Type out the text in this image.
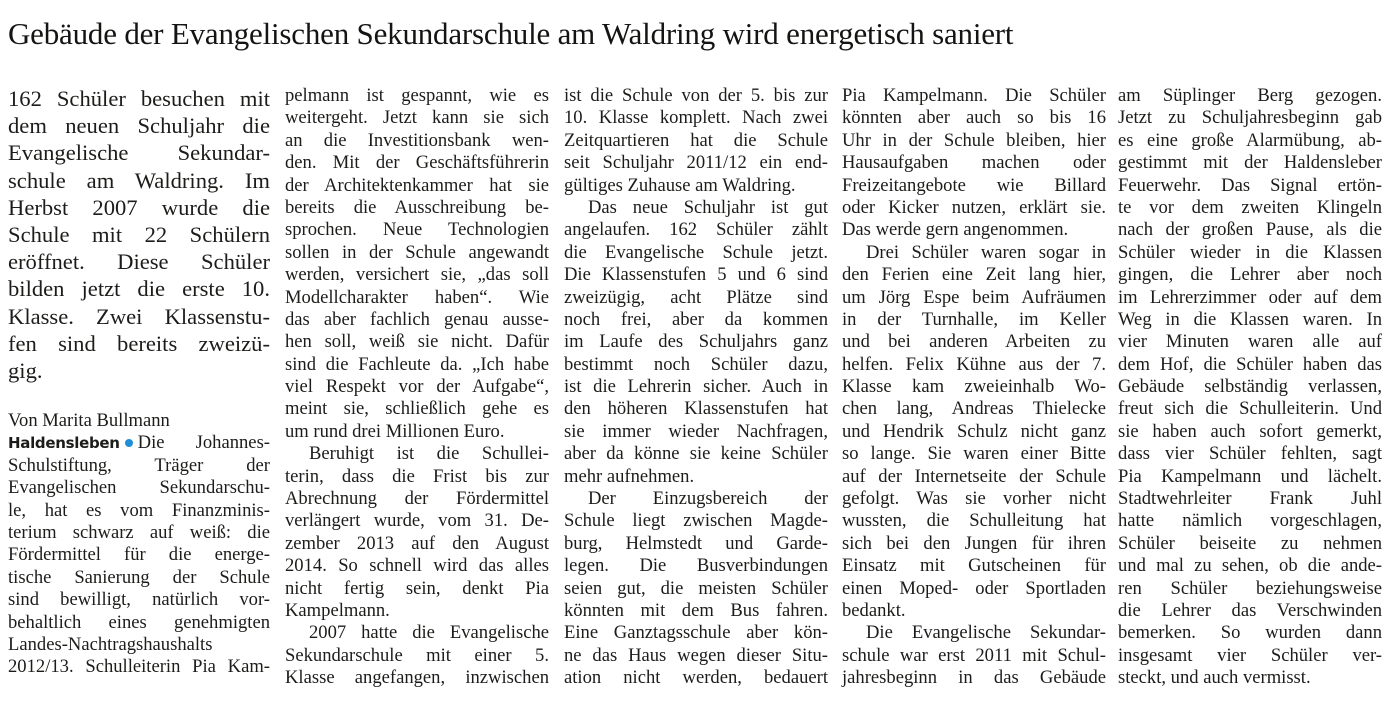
Gebäude der Evangelischen Sekundarschule am Waldring wird energetisch saniert
162 Schüler besuchen mit
dem neuen Schuljahr die
Evangelische Sekundar-
schule am Waldring. Im
Herbst 2007 wurde die
Schule mit 22 Schülern
eröffnet. Diese Schüler
bilden jetzt die erste 10.
Klasse. Zwei Klassenstu-
fen sind bereits zweizü-
gig.
Von Marita Bullmann
Haldensleben Die Johannes-
Schulstiftung, Träger der
Evangelischen Sekundarschu-
le, hat es vom Finanzminis-
terium schwarz auf weiß: die
Fördermittel für die energe-
tische Sanierung der Schule
sind bewilligt, natürlich vor-
behaltlich eines genehmigten
Landes-Nachtragshaushalts
2012/13. Schulleiterin Pia Kam-
pelmann ist gespannt, wie es
weitergeht. Jetzt kann sie sich
an die Investitionsbank wen-
den. Mit der Geschäftsführerin
der Architektenkammer hat sie
bereits die Ausschreibung be-
sprochen. Neue Technologien
sollen in der Schule angewandt
werden, versichert sie, „das soll
Modellcharakter haben“. Wie
das aber fachlich genau ausse-
hen soll, weiß sie nicht. Dafür
sind die Fachleute da. „Ich habe
viel Respekt vor der Aufgabe“,
meint sie, schließlich gehe es
um rund drei Millionen Euro.
Beruhigt ist die Schullei-
terin, dass die Frist bis zur
Abrechnung der Fördermittel
verlängert wurde, vom 31. De-
zember 2013 auf den August
2014. So schnell wird das alles
nicht fertig sein, denkt Pia
Kampelmann.
2007 hatte die Evangelische
Sekundarschule mit einer 5.
Klasse angefangen, inzwischen
ist die Schule von der 5. bis zur
10. Klasse komplett. Nach zwei
Zeitquartieren hat die Schule
seit Schuljahr 2011/12 ein end-
gültiges Zuhause am Waldring.
Das neue Schuljahr ist gut
angelaufen. 162 Schüler zählt
die Evangelische Schule jetzt.
Die Klassenstufen 5 und 6 sind
zweizügig, acht Plätze sind
noch frei, aber da kommen
im Laufe des Schuljahrs ganz
bestimmt noch Schüler dazu,
ist die Lehrerin sicher. Auch in
den höheren Klassenstufen hat
sie immer wieder Nachfragen,
aber da könne sie keine Schüler
mehr aufnehmen.
Der Einzugsbereich der
Schule liegt zwischen Magde-
burg, Helmstedt und Garde-
legen. Die Busverbindungen
seien gut, die meisten Schüler
könnten mit dem Bus fahren.
Eine Ganztagsschule aber kön-
ne das Haus wegen dieser Situ-
ation nicht werden, bedauert
Pia Kampelmann. Die Schüler
könnten aber auch so bis 16
Uhr in der Schule bleiben, hier
Hausaufgaben machen oder
Freizeitangebote wie Billard
oder Kicker nutzen, erklärt sie.
Das werde gern angenommen.
Drei Schüler waren sogar in
den Ferien eine Zeit lang hier,
um Jörg Espe beim Aufräumen
in der Turnhalle, im Keller
und bei anderen Arbeiten zu
helfen. Felix Kühne aus der 7.
Klasse kam zweieinhalb Wo-
chen lang, Andreas Thielecke
und Hendrik Schulz nicht ganz
so lange. Sie waren einer Bitte
auf der Internetseite der Schule
gefolgt. Was sie vorher nicht
wussten, die Schulleitung hat
sich bei den Jungen für ihren
Einsatz mit Gutscheinen für
einen Moped- oder Sportladen
bedankt.
Die Evangelische Sekundar-
schule war erst 2011 mit Schul-
jahresbeginn in das Gebäude
am Süplinger Berg gezogen.
Jetzt zu Schuljahresbeginn gab
es eine große Alarmübung, ab-
gestimmt mit der Haldensleber
Feuerwehr. Das Signal ertön-
te vor dem zweiten Klingeln
nach der großen Pause, als die
Schüler wieder in die Klassen
gingen, die Lehrer aber noch
im Lehrerzimmer oder auf dem
Weg in die Klassen waren. In
vier Minuten waren alle auf
dem Hof, die Schüler haben das
Gebäude selbständig verlassen,
freut sich die Schulleiterin. Und
sie haben auch sofort gemerkt,
dass vier Schüler fehlten, sagt
Pia Kampelmann und lächelt.
Stadtwehrleiter Frank Juhl
hatte nämlich vorgeschlagen,
Schüler beiseite zu nehmen
und mal zu sehen, ob die ande-
ren Schüler beziehungsweise
die Lehrer das Verschwinden
bemerken. So wurden dann
insgesamt vier Schüler ver-
steckt, und auch vermisst.
